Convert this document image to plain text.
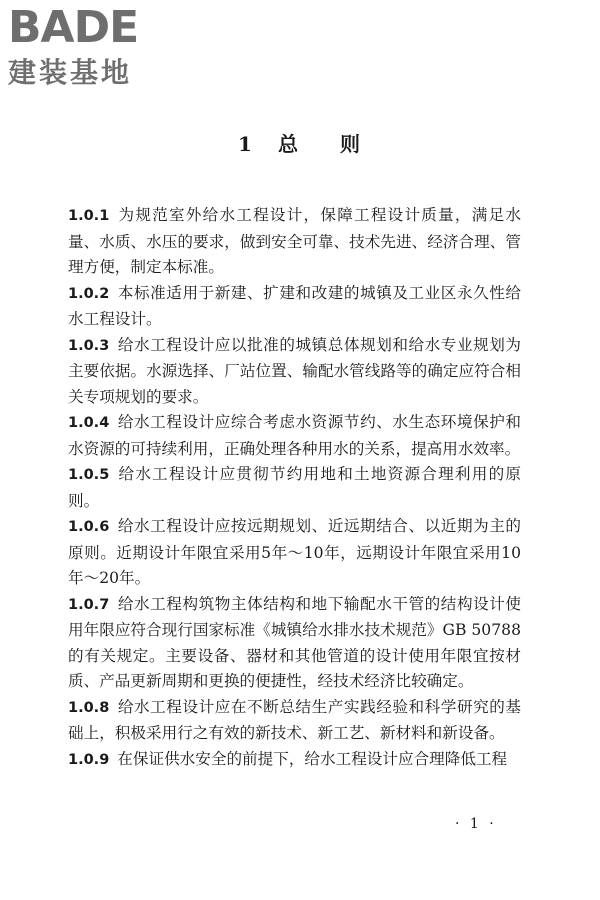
BADE
建装基地
1 总 则

1.0.1 为规范室外给水工程设计，保障工程设计质量，满足水量、水质、水压的要求，做到安全可靠、技术先进、经济合理、管理方便，制定本标准。

1.0.2 本标准适用于新建、扩建和改建的城镇及工业区永久性给水工程设计。

1.0.3 给水工程设计应以批准的城镇总体规划和给水专业规划为主要依据。水源选择、厂站位置、输配水管线路等的确定应符合相关专项规划的要求。

1.0.4 给水工程设计应综合考虑水资源节约、水生态环境保护和水资源的可持续利用，正确处理各种用水的关系，提高用水效率。

1.0.5 给水工程设计应贯彻节约用地和土地资源合理利用的原则。

1.0.6 给水工程设计应按远期规划、近远期结合、以近期为主的原则。近期设计年限宜采用5年～10年，远期设计年限宜采用10年～20年。

1.0.7 给水工程构筑物主体结构和地下输配水干管的结构设计使用年限应符合现行国家标准《城镇给水排水技术规范》GB 50788的有关规定。主要设备、器材和其他管道的设计使用年限宜按材质、产品更新周期和更换的便捷性，经技术经济比较确定。

1.0.8 给水工程设计应在不断总结生产实践经验和科学研究的基础上，积极采用行之有效的新技术、新工艺、新材料和新设备。

1.0.9 在保证供水安全的前提下，给水工程设计应合理降低工程

· 1 ·
